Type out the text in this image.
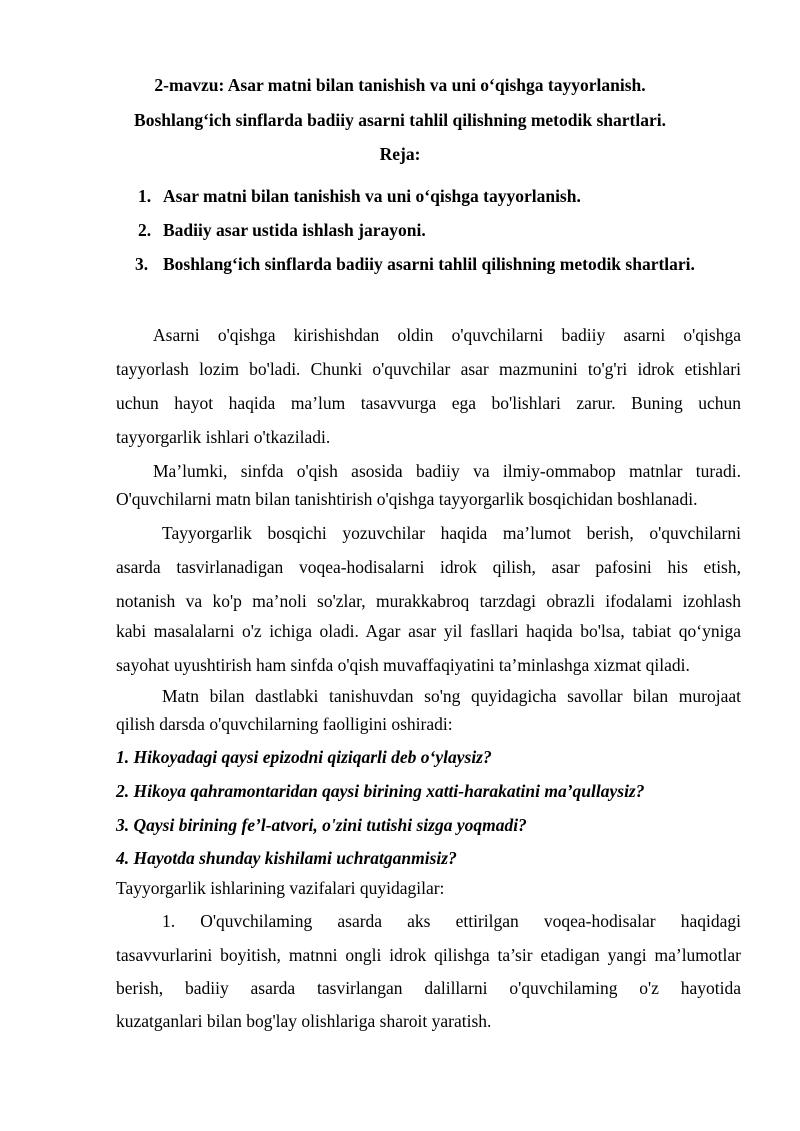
2-mavzu: Asar matni bilan tanishish va uni o‘qishga tayyorlanish.
Boshlang‘ich sinflarda badiiy asarni tahlil qilishning metodik shartlari.
Reja:
1. Asar matni bilan tanishish va uni o‘qishga tayyorlanish.
2. Badiiy asar ustida ishlash jarayoni.
3. Boshlang‘ich sinflarda badiiy asarni tahlil qilishning metodik shartlari.
Asarni o'qishga kirishishdan oldin o'quvchilarni badiiy asarni o'qishga
tayyorlash lozim bo'ladi. Chunki o'quvchilar asar mazmunini to'g'ri idrok etishlari
uchun hayot haqida ma’lum tasavvurga ega bo'lishlari zarur. Buning uchun
tayyorgarlik ishlari o'tkaziladi.
Ma’lumki, sinfda o'qish asosida badiiy va ilmiy-ommabop matnlar turadi.
O'quvchilarni matn bilan tanishtirish o'qishga tayyorgarlik bosqichidan boshlanadi.
Tayyorgarlik bosqichi yozuvchilar haqida ma’lumot berish, o'quvchilarni
asarda tasvirlanadigan voqea-hodisalarni idrok qilish, asar pafosini his etish,
notanish va ko'p ma’noli so'zlar, murakkabroq tarzdagi obrazli ifodalami izohlash
kabi masalalarni o'z ichiga oladi. Agar asar yil fasllari haqida bo'lsa, tabiat qo‘yniga
sayohat uyushtirish ham sinfda o'qish muvaffaqiyatini ta’minlashga xizmat qiladi.
Matn bilan dastlabki tanishuvdan so'ng quyidagicha savollar bilan murojaat
qilish darsda o'quvchilarning faolligini oshiradi:
1. Hikoyadagi qaysi epizodni qiziqarli deb o‘ylaysiz?
2. Hikoya qahramontaridan qaysi birining xatti-harakatini ma’qullaysiz?
3. Qaysi birining fe’l-atvori, o'zini tutishi sizga yoqmadi?
4. Hayotda shunday kishilami uchratganmisiz?
Tayyorgarlik ishlarining vazifalari quyidagilar:
1. O'quvchilaming asarda aks ettirilgan voqea-hodisalar haqidagi
tasavvurlarini boyitish, matnni ongli idrok qilishga ta’sir etadigan yangi ma’lumotlar
berish, badiiy asarda tasvirlangan dalillarni o'quvchilaming o'z hayotida
kuzatganlari bilan bog'lay olishlariga sharoit yaratish.
